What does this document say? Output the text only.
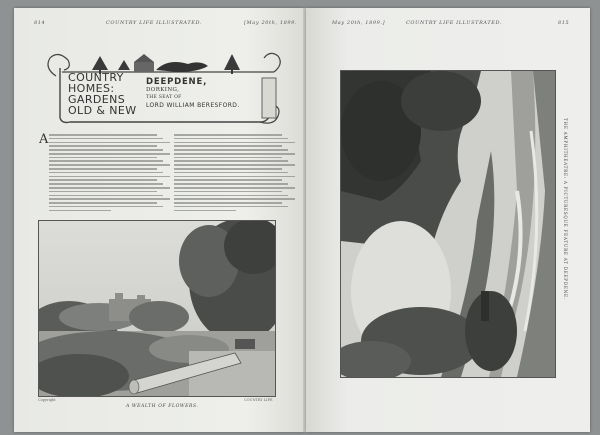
814	COUNTRY LIFE ILLUSTRATED.	[May 20th, 1899.
COUNTRY
HOMES:
GARDENS
OLD & NEW
DEEPDENE,
DORKING,
THE SEAT OF
LORD WILLIAM BERESFORD.
A
Copyright	COUNTRY LIFE
A WEALTH OF FLOWERS.
May 20th, 1899.]	COUNTRY LIFE ILLUSTRATED.	815
THE AMPHITHEATRE: A PICTURESQUE FEATURE AT DEEPDENE.
